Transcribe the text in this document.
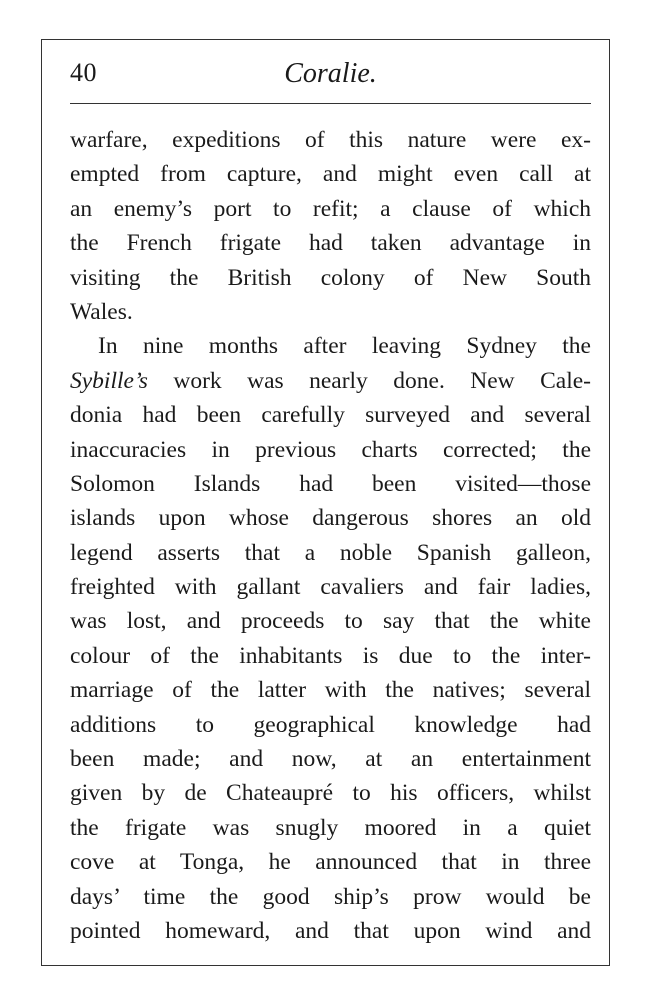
40	Coralie.
warfare, expeditions of this nature were ex-
empted from capture, and might even call at
an enemy’s port to refit; a clause of which
the French frigate had taken advantage in
visiting the British colony of New South
Wales.
In nine months after leaving Sydney the
Sybille’s work was nearly done. New Cale-
donia had been carefully surveyed and several
inaccuracies in previous charts corrected; the
Solomon Islands had been visited—those
islands upon whose dangerous shores an old
legend asserts that a noble Spanish galleon,
freighted with gallant cavaliers and fair ladies,
was lost, and proceeds to say that the white
colour of the inhabitants is due to the inter-
marriage of the latter with the natives; several
additions to geographical knowledge had
been made; and now, at an entertainment
given by de Chateaupré to his officers, whilst
the frigate was snugly moored in a quiet
cove at Tonga, he announced that in three
days’ time the good ship’s prow would be
pointed homeward, and that upon wind and
